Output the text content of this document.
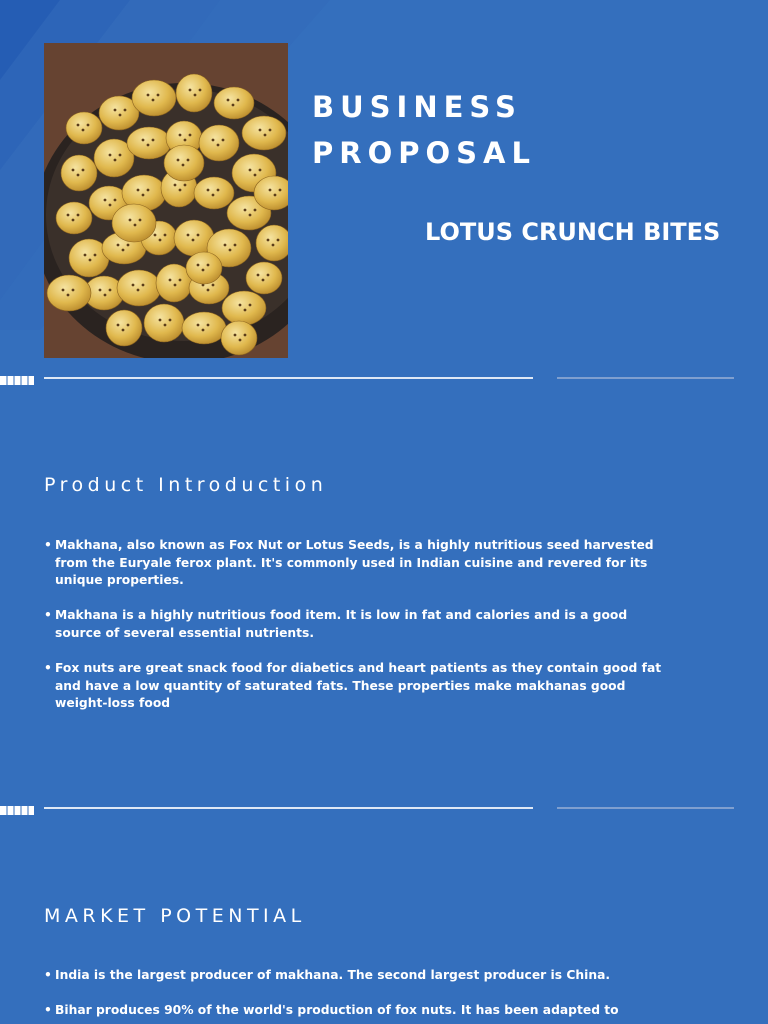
BUSINESS
PROPOSAL
LOTUS CRUNCH BITES
Product Introduction
• Makhana, also known as Fox Nut or Lotus Seeds, is a highly nutritious seed harvested from the Euryale ferox plant. It's commonly used in Indian cuisine and revered for its unique properties.
• Makhana is a highly nutritious food item. It is low in fat and calories and is a good source of several essential nutrients.
• Fox nuts are great snack food for diabetics and heart patients as they contain good fat and have a low quantity of saturated fats. These properties make makhanas good weight-loss food
MARKET POTENTIAL
• India is the largest producer of makhana. The second largest producer is China.
• Bihar produces 90% of the world's production of fox nuts. It has been adapted to
